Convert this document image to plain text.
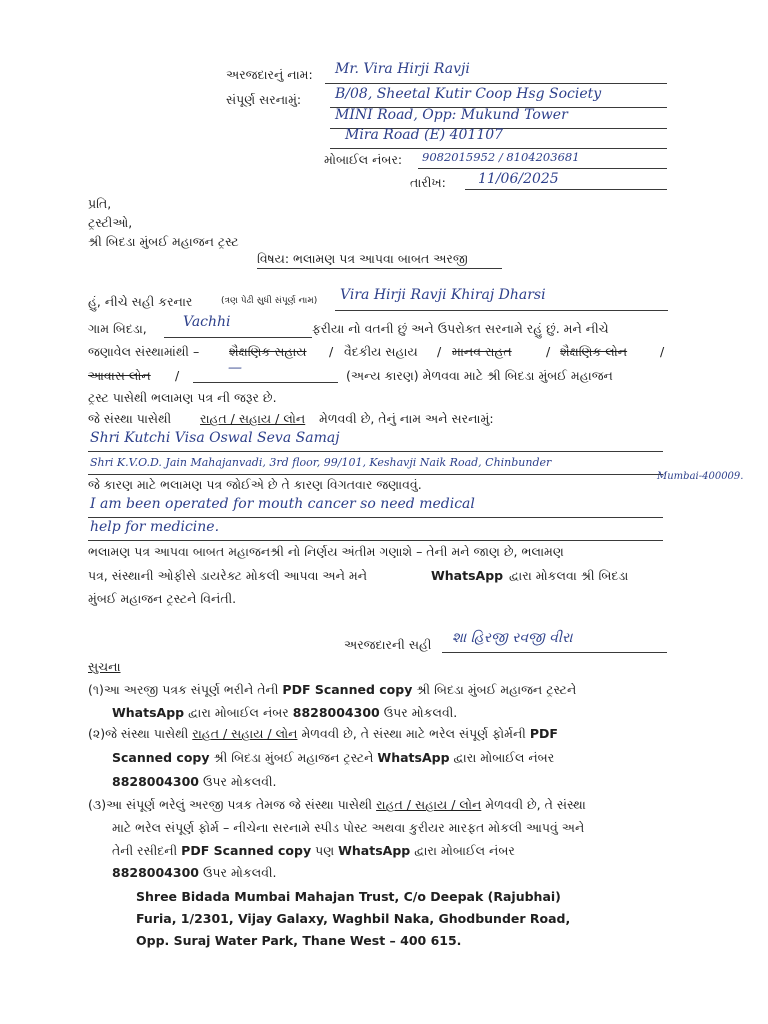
અરજદારનું નામ: Mr. Vira Hirji Ravji
સંપૂર્ણ સરનામું: B/08, Sheetal Kutir Coop Hsg Society
MINI Road, Opp: Mukund Tower
Mira Road (E) 401107
મોબાઈલ નંબર: 9082015952 / 8104203681
તારીખ: 11/06/2025
પ્રતિ,
ટ્રસ્ટીઓ,
શ્રી બિદડા મુંબઈ મહાજન ટ્રસ્ટ
વિષય: ભલામણ પત્ર આપવા બાબત અરજી
હું, નીચે સહી કરનાર	(ત્રણ પેઢી સુધી સંપૂર્ણ નામ) Vira Hirji Ravji Khiraj Dharsi
ગામ બિદડા,	Vachhi	ફરીયા નો વતની છું અને ઉપરોક્ત સરનામે રહું છું. મને નીચે
જણાવેલ સંસ્થામાંથી – શૈક્ષણિક સહાય / વૈદકીય સહાય / માનવ રાહત	/ શૈક્ષણિક લોન	/
આવાસ લોન /	—	(અન્ય કારણ) મેળવવા માટે શ્રી બિદડા મુંબઈ મહાજન
ટ્રસ્ટ પાસેથી ભલામણ પત્ર ની જરૂર છે.
જે સંસ્થા પાસેથી રાહત / સહાય / લોન મેળવવી છે, તેનું નામ અને સરનામું:
Shri Kutchi Visa Oswal Seva Samaj
Shri K.V.O.D. Jain Mahajanvadi, 3rd floor, 99/101, Keshavji Naik Road, Chinbunder
Mumbai-400009.
જે કારણ માટે ભલામણ પત્ર જોઈએ છે તે કારણ વિગતવાર જણાવવું.
I am been operated for mouth cancer so need medical
help for medicine.
ભલામણ પત્ર આપવા બાબત મહાજનશ્રી નો નિર્ણય અંતીમ ગણાશે – તેની મને જાણ છે, ભલામણ
પત્ર, સંસ્થાની ઓફીસે ડાયરેક્ટ મોકલી આપવા અને મને	WhatsApp દ્વારા મોકલવા શ્રી બિદડા
મુંબઈ મહાજન ટ્રસ્ટને વિનંતી.
અરજદારની સહી શા હિરજી રવજી વીરા
સુચના
(૧)આ અરજી પત્રક સંપૂર્ણ ભરીને તેની PDF Scanned copy શ્રી બિદડા મુંબઈ મહાજન ટ્રસ્ટને
WhatsApp દ્વારા મોબાઈલ નંબર 8828004300 ઉપર મોકલવી.
(૨)જે સંસ્થા પાસેથી રાહત / સહાય / લોન મેળવવી છે, તે સંસ્થા માટે ભરેલ સંપૂર્ણ ફોર્મની PDF
Scanned copy શ્રી બિદડા મુંબઈ મહાજન ટ્રસ્ટને WhatsApp દ્વારા મોબાઈલ નંબર
8828004300 ઉપર મોકલવી.
(૩)આ સંપૂર્ણ ભરેલું અરજી પત્રક તેમજ જે સંસ્થા પાસેથી રાહત / સહાય / લોન મેળવવી છે, તે સંસ્થા
માટે ભરેલ સંપૂર્ણ ફોર્મ – નીચેના સરનામે સ્પીડ પોસ્ટ અથવા કુરીયર મારફત મોકલી આપવું અને
તેની રસીદની PDF Scanned copy પણ WhatsApp દ્વારા મોબાઈલ નંબર
8828004300 ઉપર મોકલવી.
Shree Bidada Mumbai Mahajan Trust, C/o Deepak (Rajubhai)
Furia, 1/2301, Vijay Galaxy, Waghbil Naka, Ghodbunder Road,
Opp. Suraj Water Park, Thane West – 400 615.
